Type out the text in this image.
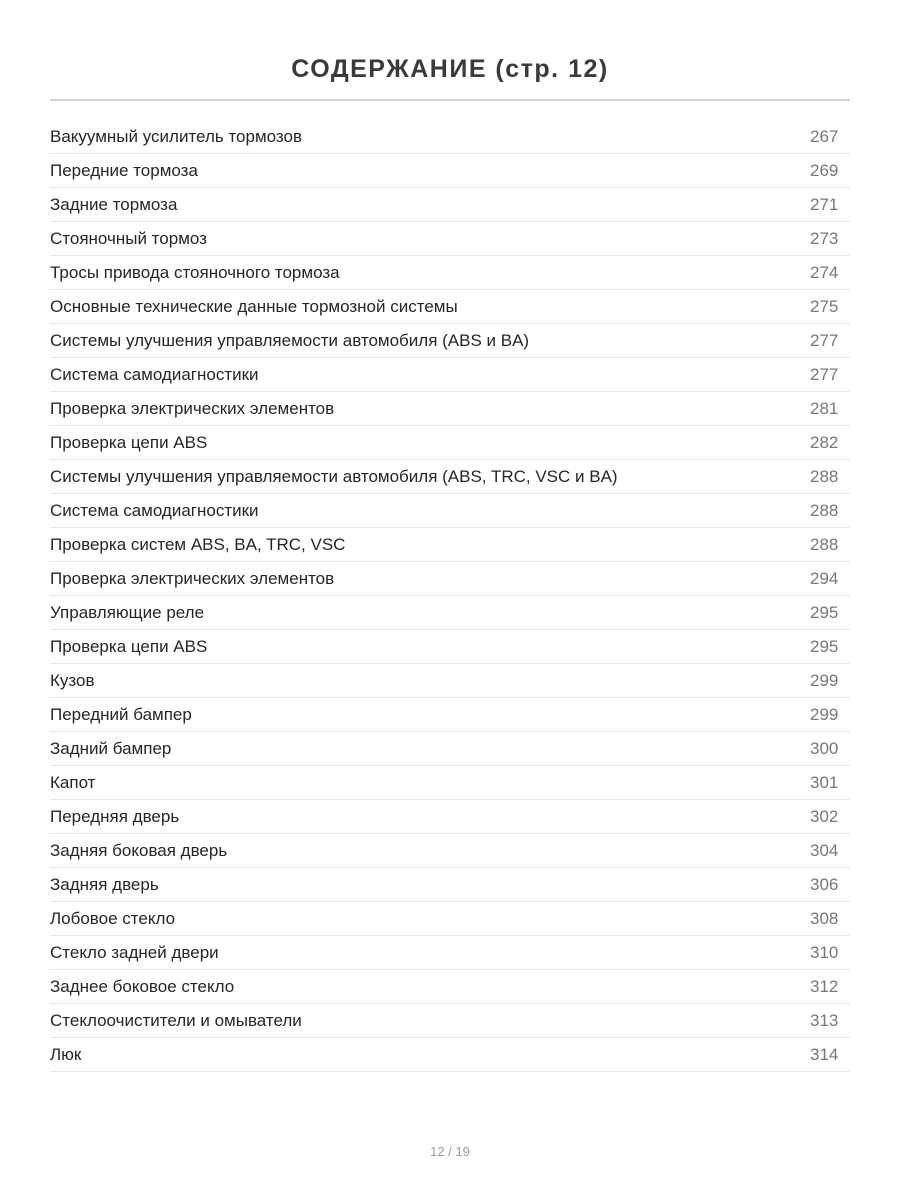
СОДЕРЖАНИЕ (стр. 12)
Вакуумный усилитель тормозов	267
Передние тормоза	269
Задние тормоза	271
Стояночный тормоз	273
Тросы привода стояночного тормоза	274
Основные технические данные тормозной системы	275
Системы улучшения управляемости автомобиля (ABS и BA)	277
Система самодиагностики	277
Проверка электрических элементов	281
Проверка цепи ABS	282
Системы улучшения управляемости автомобиля (ABS, TRC, VSC и BA)	288
Система самодиагностики	288
Проверка систем ABS, BA, TRC, VSC	288
Проверка электрических элементов	294
Управляющие реле	295
Проверка цепи ABS	295
Кузов	299
Передний бампер	299
Задний бампер	300
Капот	301
Передняя дверь	302
Задняя боковая дверь	304
Задняя дверь	306
Лобовое стекло	308
Стекло задней двери	310
Заднее боковое стекло	312
Стеклоочистители и омыватели	313
Люк	314
12 / 19
